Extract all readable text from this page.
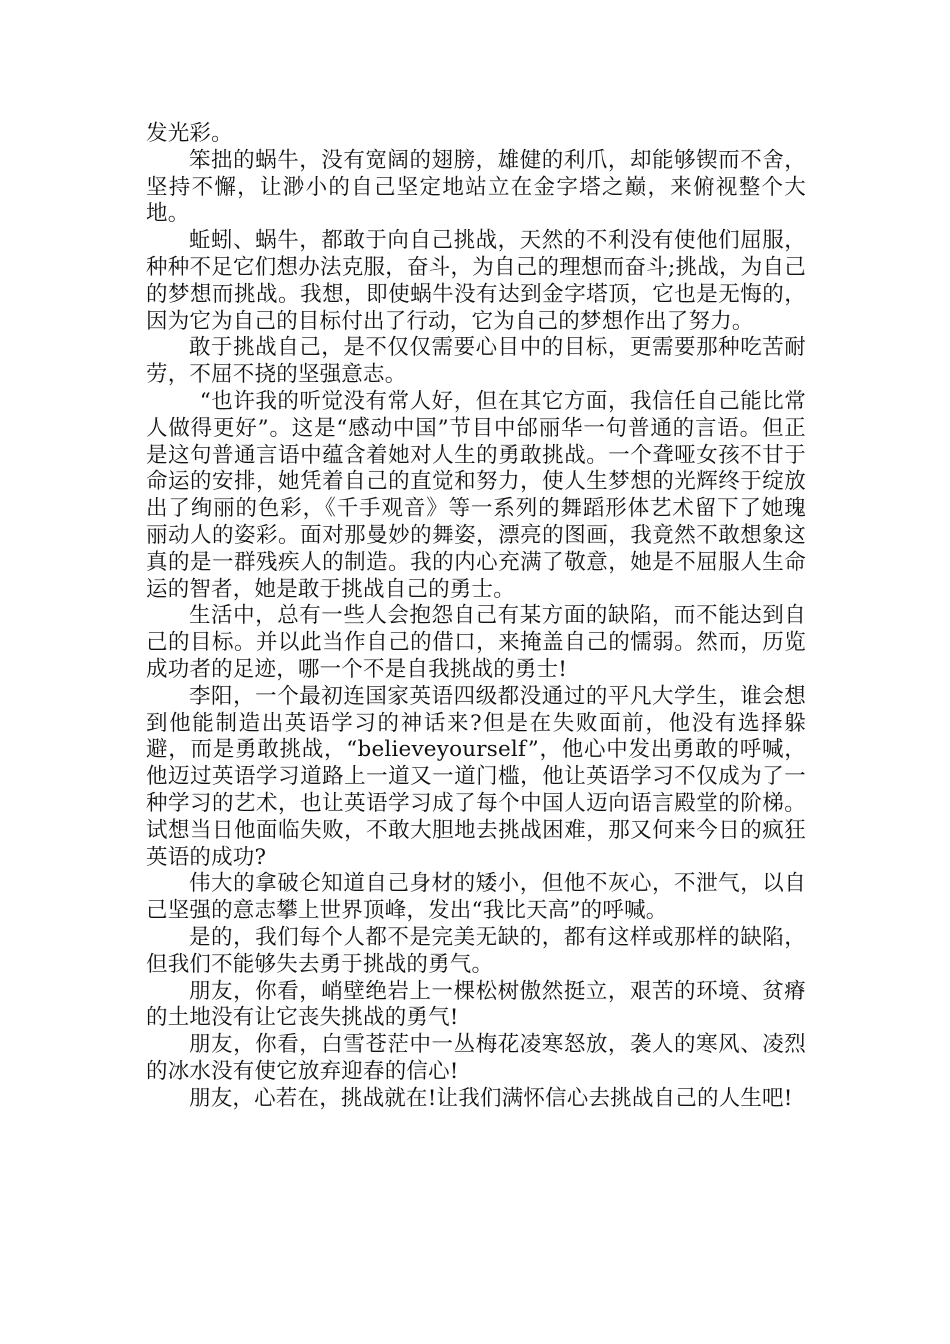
发光彩。

笨拙的蜗牛，没有宽阔的翅膀，雄健的利爪，却能够锲而不舍，坚持不懈，让渺小的自己坚定地站立在金字塔之巅，来俯视整个大地。

蚯蚓、蜗牛，都敢于向自己挑战，天然的不利没有使他们屈服，种种不足它们想办法克服，奋斗，为自己的理想而奋斗;挑战，为自己的梦想而挑战。我想，即使蜗牛没有达到金字塔顶，它也是无悔的，因为它为自己的目标付出了行动，它为自己的梦想作出了努力。

敢于挑战自己，是不仅仅需要心目中的目标，更需要那种吃苦耐劳，不屈不挠的坚强意志。

“也许我的听觉没有常人好，但在其它方面，我信任自己能比常人做得更好”。这是“感动中国”节目中邰丽华一句普通的言语。但正是这句普通言语中蕴含着她对人生的勇敢挑战。一个聋哑女孩不甘于命运的安排，她凭着自己的直觉和努力，使人生梦想的光辉终于绽放出了绚丽的色彩，《千手观音》等一系列的舞蹈形体艺术留下了她瑰丽动人的姿彩。面对那曼妙的舞姿，漂亮的图画，我竟然不敢想象这真的是一群残疾人的制造。我的内心充满了敬意，她是不屈服人生命运的智者，她是敢于挑战自己的勇士。

生活中，总有一些人会抱怨自己有某方面的缺陷，而不能达到自己的目标。并以此当作自己的借口，来掩盖自己的懦弱。然而，历览成功者的足迹，哪一个不是自我挑战的勇士!

李阳，一个最初连国家英语四级都没通过的平凡大学生，谁会想到他能制造出英语学习的神话来?但是在失败面前，他没有选择躲避，而是勇敢挑战，“believeyourself”，他心中发出勇敢的呼喊，他迈过英语学习道路上一道又一道门槛，他让英语学习不仅成为了一种学习的艺术，也让英语学习成了每个中国人迈向语言殿堂的阶梯。试想当日他面临失败，不敢大胆地去挑战困难，那又何来今日的疯狂英语的成功?

伟大的拿破仑知道自己身材的矮小，但他不灰心，不泄气，以自己坚强的意志攀上世界顶峰，发出“我比天高”的呼喊。

是的，我们每个人都不是完美无缺的，都有这样或那样的缺陷，但我们不能够失去勇于挑战的勇气。

朋友，你看，峭壁绝岩上一棵松树傲然挺立，艰苦的环境、贫瘠的土地没有让它丧失挑战的勇气!

朋友，你看，白雪苍茫中一丛梅花凌寒怒放，袭人的寒风、凌烈的冰水没有使它放弃迎春的信心!

朋友，心若在，挑战就在!让我们满怀信心去挑战自己的人生吧!
